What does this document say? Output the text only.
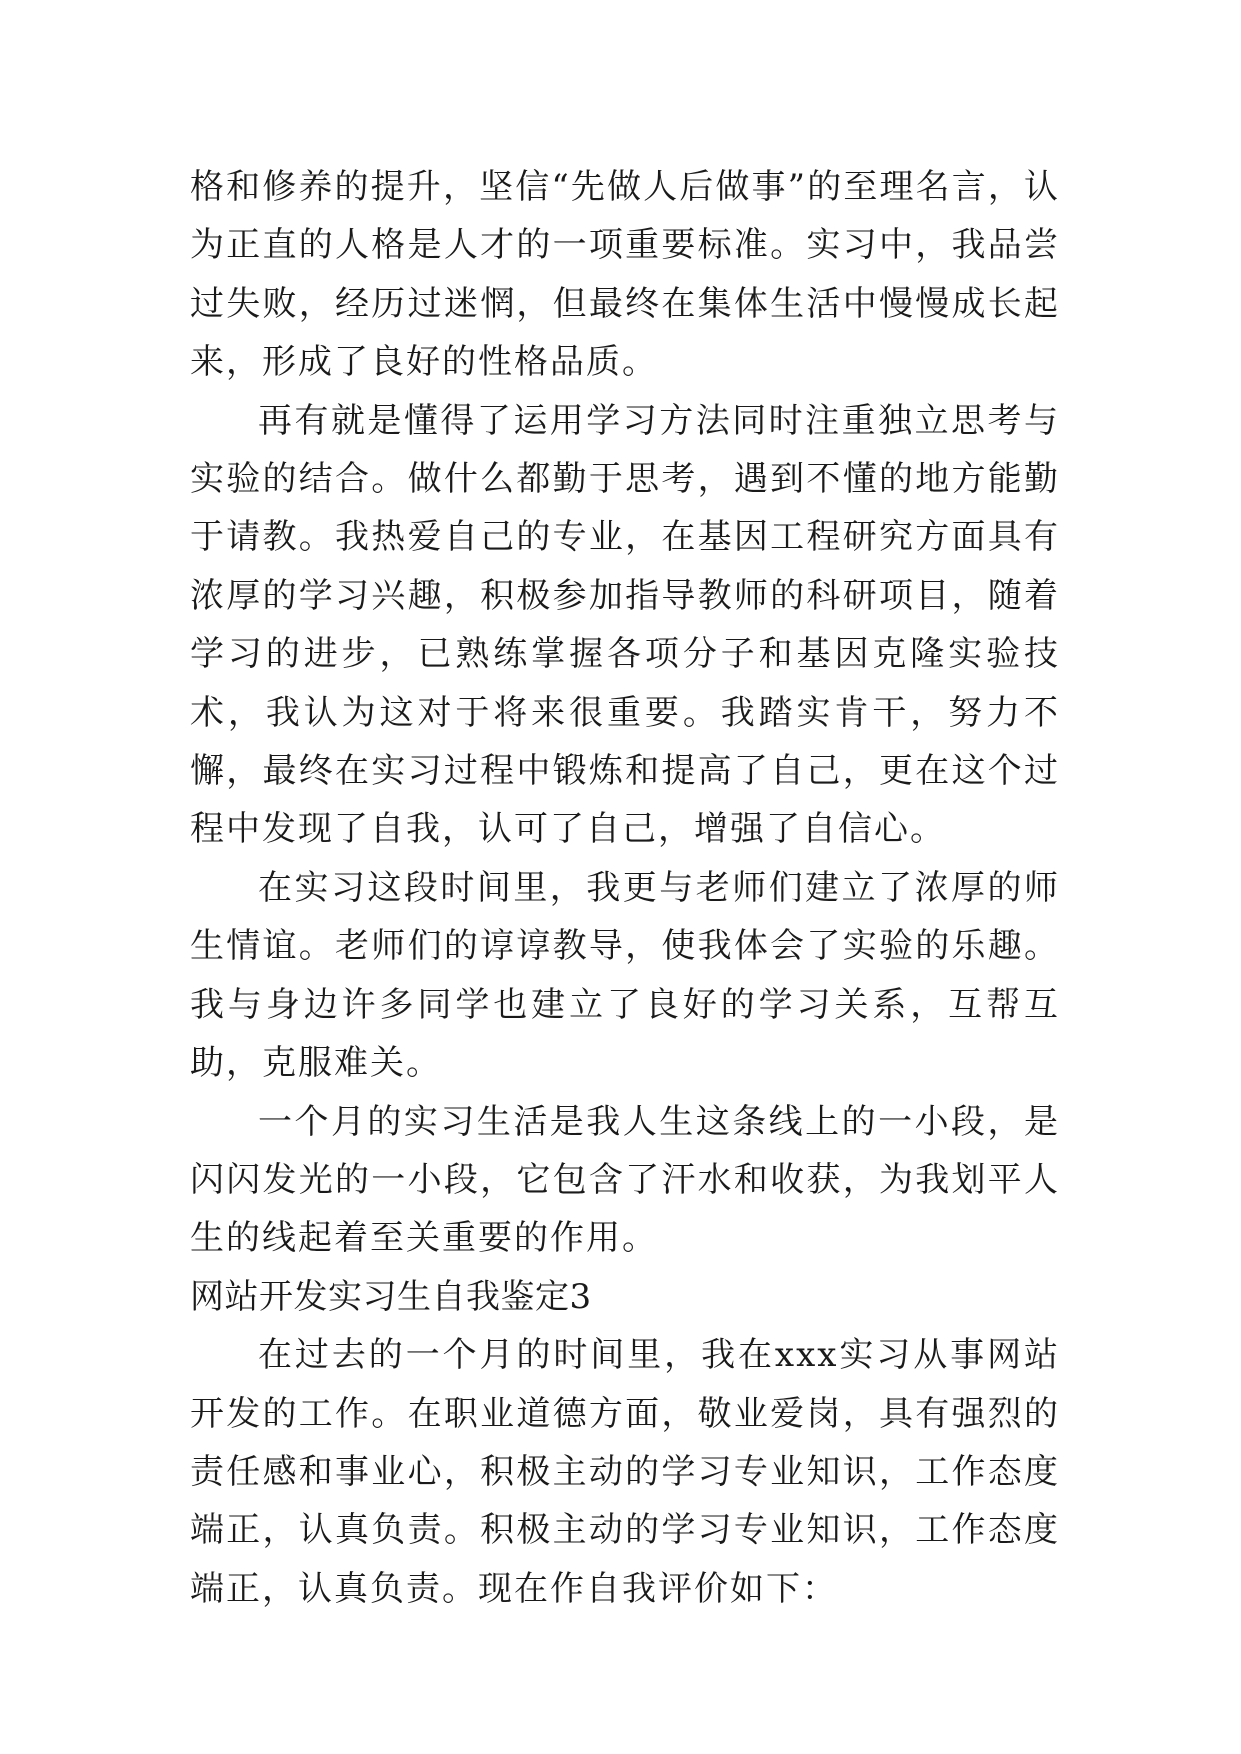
格和修养的提升，坚信“先做人后做事”的至理名言，认为正直的人格是人才的一项重要标准。实习中，我品尝过失败，经历过迷惘，但最终在集体生活中慢慢成长起来，形成了良好的性格品质。

再有就是懂得了运用学习方法同时注重独立思考与实验的结合。做什么都勤于思考，遇到不懂的地方能勤于请教。我热爱自己的专业，在基因工程研究方面具有浓厚的学习兴趣，积极参加指导教师的科研项目，随着学习的进步，已熟练掌握各项分子和基因克隆实验技术，我认为这对于将来很重要。我踏实肯干，努力不懈，最终在实习过程中锻炼和提高了自己，更在这个过程中发现了自我，认可了自己，增强了自信心。

在实习这段时间里，我更与老师们建立了浓厚的师生情谊。老师们的谆谆教导，使我体会了实验的乐趣。我与身边许多同学也建立了良好的学习关系，互帮互助，克服难关。

一个月的实习生活是我人生这条线上的一小段，是闪闪发光的一小段，它包含了汗水和收获，为我划平人生的线起着至关重要的作用。

网站开发实习生自我鉴定3

在过去的一个月的时间里，我在xxx实习从事网站开发的工作。在职业道德方面，敬业爱岗，具有强烈的责任感和事业心，积极主动的学习专业知识，工作态度端正，认真负责。积极主动的学习专业知识，工作态度端正，认真负责。现在作自我评价如下：
